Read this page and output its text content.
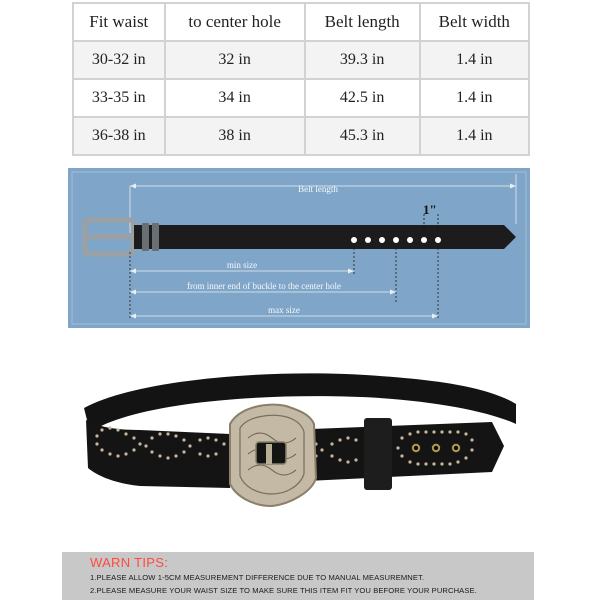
Fit waist	to center hole	Belt length	Belt width
30-32 in	32 in	39.3 in	1.4 in
33-35 in	34 in	42.5 in	1.4 in
36-38 in	38 in	45.3 in	1.4 in
Belt length
1"
min size
from inner end of buckle to the center hole
max size
WARN TIPS:
1.PLEASE ALLOW 1-5CM MEASUREMENT DIFFERENCE DUE TO MANUAL MEASUREMNET.
2.PLEASE MEASURE YOUR WAIST SIZE TO MAKE SURE THIS ITEM FIT YOU BEFORE YOUR PURCHASE.
